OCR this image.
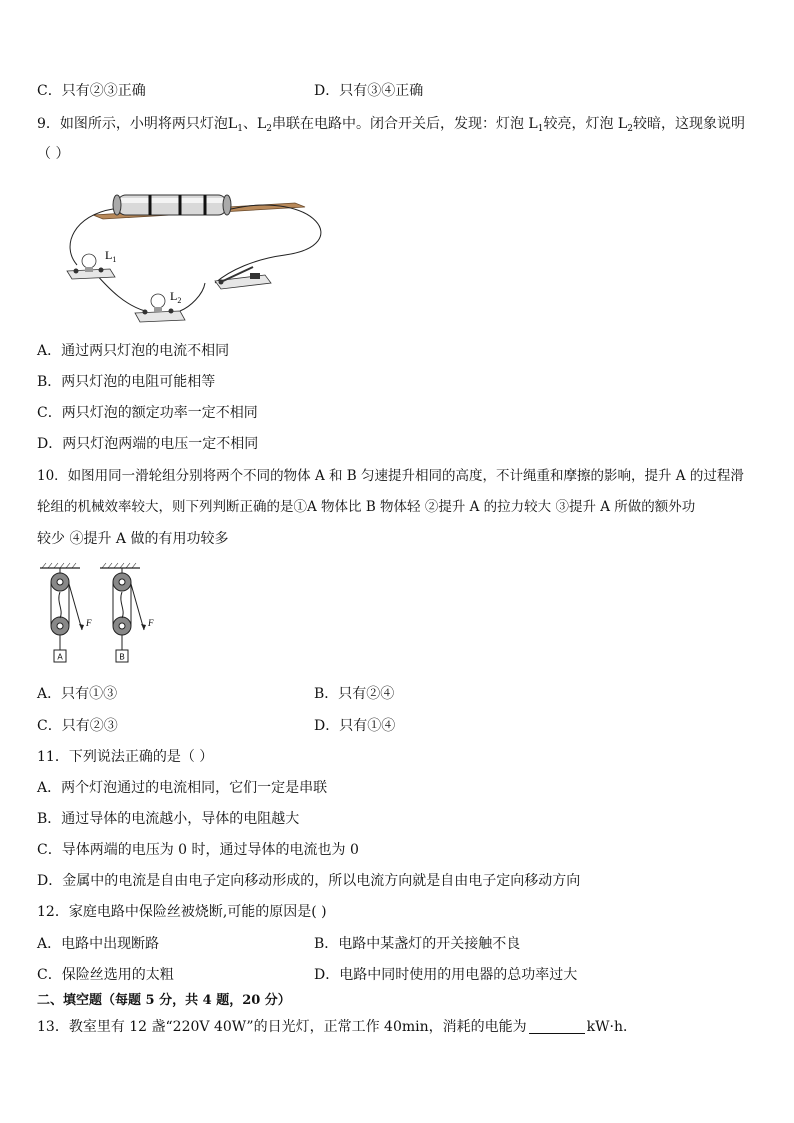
C．只有②③正确	D．只有③④正确
9．如图所示，小明将两只灯泡$L_1$、$L_2$串联在电路中。闭合开关后，发现：灯泡 $L_1$较亮，灯泡 $L_2$较暗，这现象说明
（ ）
$L_1$
$L_2$
A．通过两只灯泡的电流不相同
B．两只灯泡的电阻可能相等
C．两只灯泡的额定功率一定不相同
D．两只灯泡两端的电压一定不相同
10．如图用同一滑轮组分别将两个不同的物体 A 和 B 匀速提升相同的高度，不计绳重和摩擦的影响，提升 A 的过程滑
轮组的机械效率较大，则下列判断正确的是①A 物体比 B 物体轻 ②提升 A 的拉力较大 ③提升 A 所做的额外功
较少 ④提升 A 做的有用功较多
A
F
B
F
A．只有①③	B．只有②④
C．只有②③	D．只有①④
11．下列说法正确的是（ ）
A．两个灯泡通过的电流相同，它们一定是串联
B．通过导体的电流越小，导体的电阻越大
C．导体两端的电压为 0 时，通过导体的电流也为 0
D．金属中的电流是自由电子定向移动形成的，所以电流方向就是自由电子定向移动方向
12．家庭电路中保险丝被烧断,可能的原因是( )
A．电路中出现断路	B．电路中某盏灯的开关接触不良
C．保险丝选用的太粗	D．电路中同时使用的用电器的总功率过大
二、填空题（每题 5 分，共 4 题，20 分）
13．教室里有 12 盏“220V 40W”的日光灯，正常工作 40min，消耗的电能为	kW·h．
